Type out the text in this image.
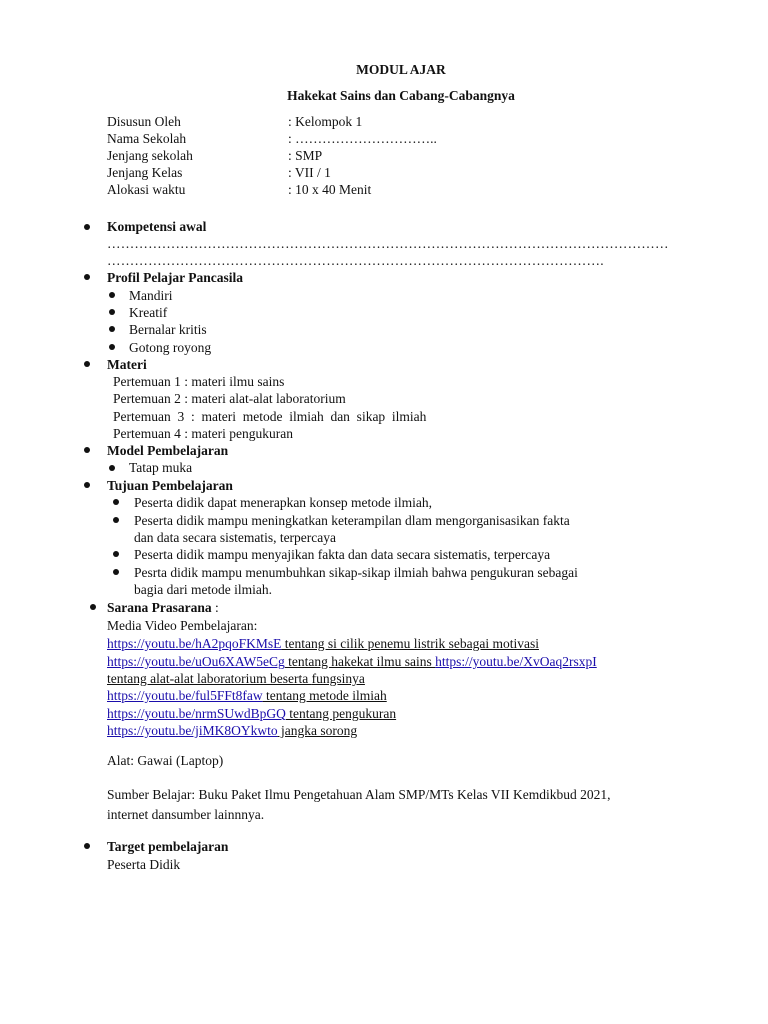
MODUL AJAR
Hakekat Sains dan Cabang-Cabangnya
Disusun Oleh	: Kelompok 1
Nama Sekolah	: …………………………..
Jenjang sekolah	: SMP
Jenjang Kelas	: VII / 1
Alokasi waktu	: 10 x 40 Menit
Kompetensi awal
……………………………………………………………………………………………………………
……………………………………………………………………………………………….
Profil Pelajar Pancasila
Mandiri
Kreatif
Bernalar kritis
Gotong royong
Materi
Pertemuan 1 : materi ilmu sains
Pertemuan 2 : materi alat-alat laboratorium
Pertemuan  3  :  materi  metode  ilmiah  dan  sikap  ilmiah
Pertemuan 4 : materi pengukuran
Model Pembelajaran
Tatap muka
Tujuan Pembelajaran
Peserta didik dapat menerapkan konsep metode ilmiah,
Peserta didik mampu meningkatkan keterampilan dlam mengorganisasikan fakta
dan data secara sistematis, terpercaya
Peserta didik mampu menyajikan fakta dan data secara sistematis, terpercaya
Pesrta didik mampu menumbuhkan sikap-sikap ilmiah bahwa pengukuran sebagai
bagia dari metode ilmiah.
Sarana Prasarana :
Media Video Pembelajaran:
https://youtu.be/hA2pqoFKMsE tentang si cilik penemu listrik sebagai motivasi
https://youtu.be/uOu6XAW5eCg tentang hakekat ilmu sains https://youtu.be/XvOaq2rsxpI
tentang alat-alat laboratorium beserta fungsinya
https://youtu.be/ful5FFt8faw tentang metode ilmiah
https://youtu.be/nrmSUwdBpGQ tentang pengukuran
https://youtu.be/jiMK8OYkwto jangka sorong
Alat: Gawai (Laptop)
Sumber Belajar: Buku Paket Ilmu Pengetahuan Alam SMP/MTs Kelas VII Kemdikbud 2021,
internet dansumber lainnnya.
Target pembelajaran
Peserta Didik
